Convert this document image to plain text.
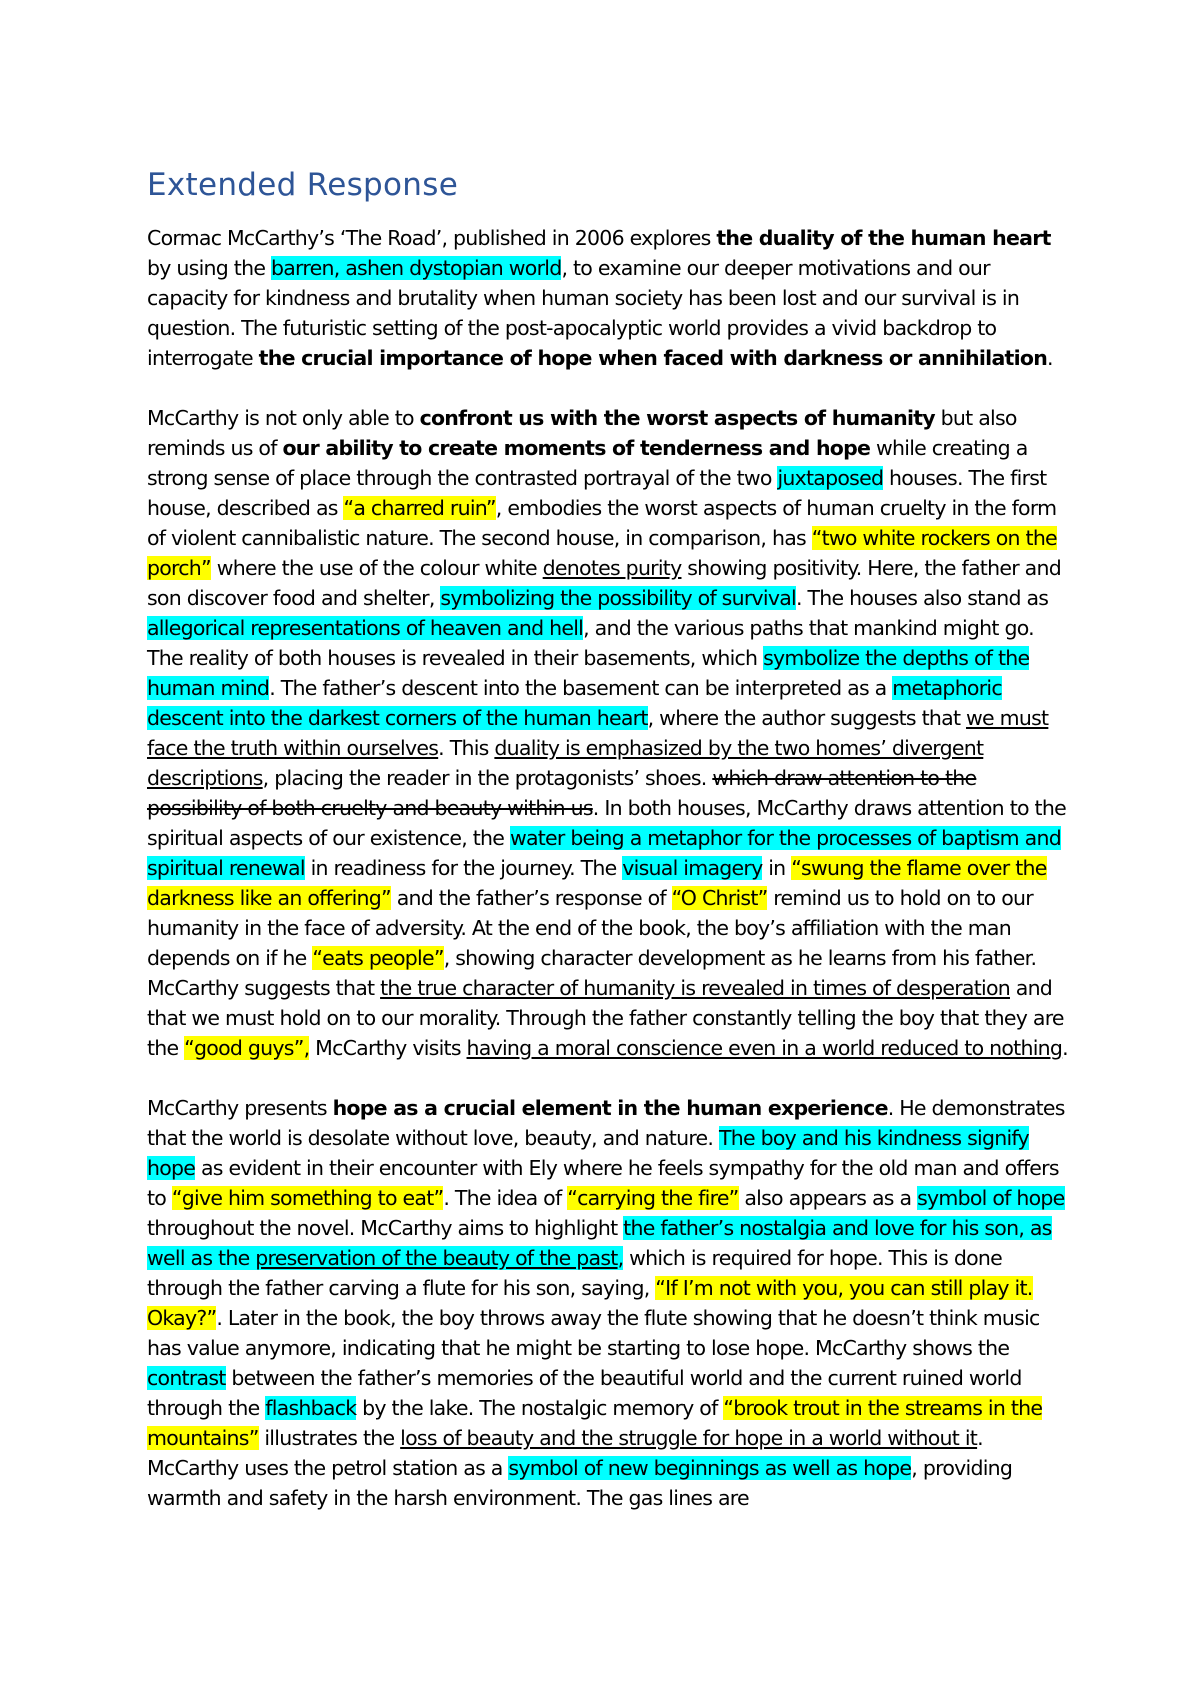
Extended Response

Cormac McCarthy’s ‘The Road’, published in 2006 explores the duality of the human heart by using the barren, ashen dystopian world, to examine our deeper motivations and our capacity for kindness and brutality when human society has been lost and our survival is in question. The futuristic setting of the post-apocalyptic world provides a vivid backdrop to interrogate the crucial importance of hope when faced with darkness or annihilation.

McCarthy is not only able to confront us with the worst aspects of humanity but also reminds us of our ability to create moments of tenderness and hope while creating a strong sense of place through the contrasted portrayal of the two juxtaposed houses. The first house, described as “a charred ruin”, embodies the worst aspects of human cruelty in the form of violent cannibalistic nature. The second house, in comparison, has “two white rockers on the porch” where the use of the colour white denotes purity showing positivity. Here, the father and son discover food and shelter, symbolizing the possibility of survival. The houses also stand as allegorical representations of heaven and hell, and the various paths that mankind might go. The reality of both houses is revealed in their basements, which symbolize the depths of the human mind. The father’s descent into the basement can be interpreted as a metaphoric descent into the darkest corners of the human heart, where the author suggests that we must face the truth within ourselves. This duality is emphasized by the two homes’ divergent descriptions, placing the reader in the protagonists’ shoes. which draw attention to the possibility of both cruelty and beauty within us. In both houses, McCarthy draws attention to the spiritual aspects of our existence, the water being a metaphor for the processes of baptism and spiritual renewal in readiness for the journey. The visual imagery in “swung the flame over the darkness like an offering” and the father’s response of “O Christ” remind us to hold on to our humanity in the face of adversity. At the end of the book, the boy’s affiliation with the man depends on if he “eats people”, showing character development as he learns from his father. McCarthy suggests that the true character of humanity is revealed in times of desperation and that we must hold on to our morality. Through the father constantly telling the boy that they are the “good guys”, McCarthy visits having a moral conscience even in a world reduced to nothing.

McCarthy presents hope as a crucial element in the human experience. He demonstrates that the world is desolate without love, beauty, and nature. The boy and his kindness signify hope as evident in their encounter with Ely where he feels sympathy for the old man and offers to “give him something to eat”. The idea of “carrying the fire” also appears as a symbol of hope throughout the novel. McCarthy aims to highlight the father’s nostalgia and love for his son, as well as the preservation of the beauty of the past, which is required for hope. This is done through the father carving a flute for his son, saying, “If I’m not with you, you can still play it. Okay?”. Later in the book, the boy throws away the flute showing that he doesn’t think music has value anymore, indicating that he might be starting to lose hope. McCarthy shows the contrast between the father’s memories of the beautiful world and the current ruined world through the flashback by the lake. The nostalgic memory of “brook trout in the streams in the mountains” illustrates the loss of beauty and the struggle for hope in a world without it. McCarthy uses the petrol station as a symbol of new beginnings as well as hope, providing warmth and safety in the harsh environment. The gas lines are
